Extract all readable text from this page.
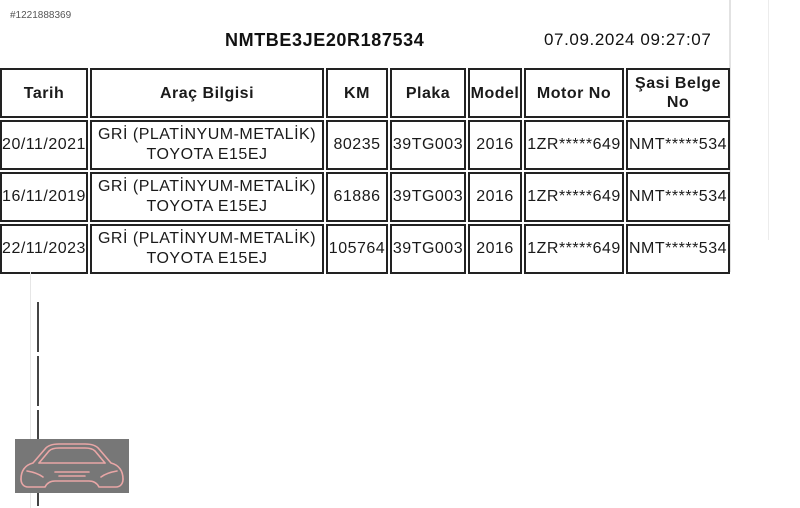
#1221888369
NMTBE3JE20R187534	07.09.2024 09:27:07
Tarih	Araç Bilgisi	KM	Plaka	Model	Motor No	Şasi Belge No
20/11/2021	GRİ (PLATİNYUM-METALİK)
TOYOTA E15EJ	80235	39TG003	2016	1ZR*****649	NMT*****534
16/11/2019	GRİ (PLATİNYUM-METALİK)
TOYOTA E15EJ	61886	39TG003	2016	1ZR*****649	NMT*****534
22/11/2023	GRİ (PLATİNYUM-METALİK)
TOYOTA E15EJ	105764	39TG003	2016	1ZR*****649	NMT*****534
